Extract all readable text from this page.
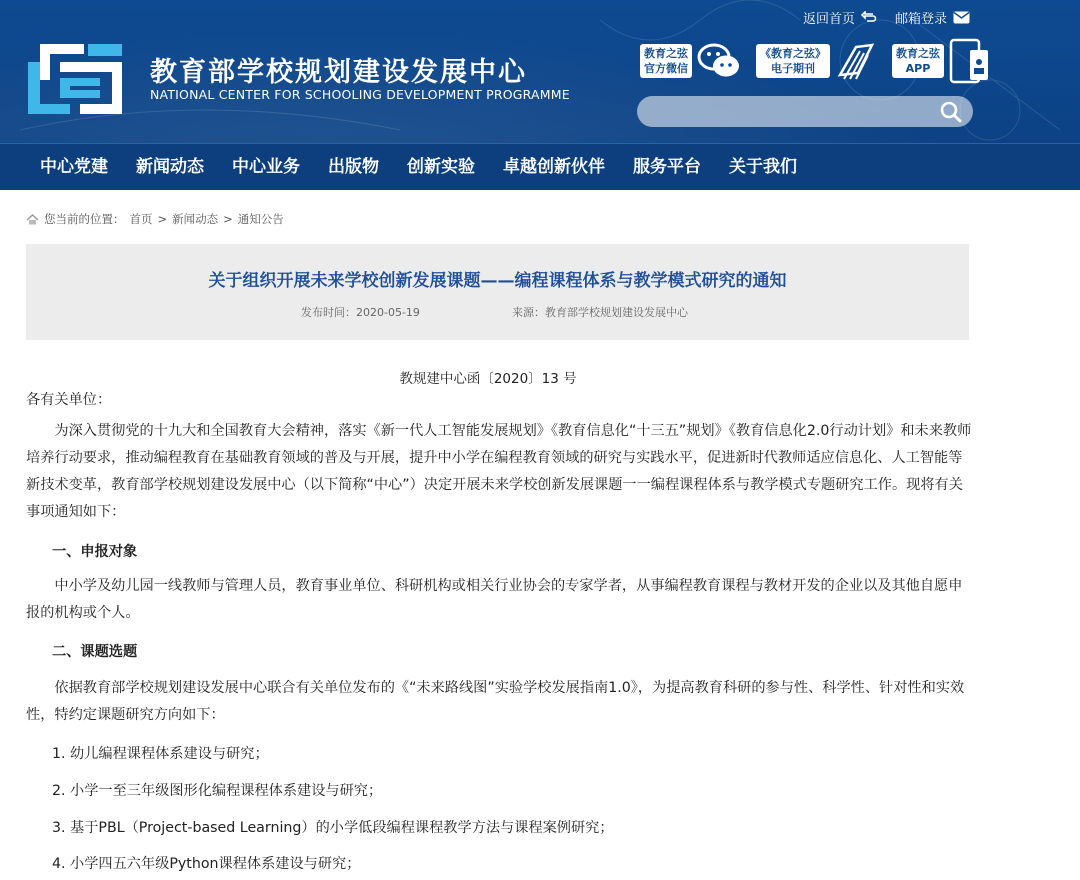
返回首页	邮箱登录
教育部学校规划建设发展中心
NATIONAL CENTER FOR SCHOOLING DEVELOPMENT PROGRAMME
教育之弦
官方微信
《教育之弦》
电子期刊
教育之弦
APP
中心党建	新闻动态	中心业务	出版物	创新实验	卓越创新伙伴	服务平台	关于我们
您当前的位置： 首页 > 新闻动态 > 通知公告
关于组织开展未来学校创新发展课题——编程课程体系与教学模式研究的通知
发布时间：2020-05-19	来源：教育部学校规划建设发展中心
教规建中心函〔2020〕13 号
各有关单位：
为深入贯彻党的十九大和全国教育大会精神，落实《新一代人工智能发展规划》《教育信息化“十三五”规划》《教育信息化2.0行动计划》和未来教师培养行动要求，推动编程教育在基础教育领域的普及与开展，提升中小学在编程教育领域的研究与实践水平，促进新时代教师适应信息化、人工智能等新技术变革，教育部学校规划建设发展中心（以下简称“中心”）决定开展未来学校创新发展课题一一编程课程体系与教学模式专题研究工作。现将有关事项通知如下：
一、申报对象
中小学及幼儿园一线教师与管理人员，教育事业单位、科研机构或相关行业协会的专家学者，从事编程教育课程与教材开发的企业以及其他自愿申报的机构或个人。
二、课题选题
依据教育部学校规划建设发展中心联合有关单位发布的《“未来路线图”实验学校发展指南1.0》，为提高教育科研的参与性、科学性、针对性和实效性，特约定课题研究方向如下：
1. 幼儿编程课程体系建设与研究；
2. 小学一至三年级图形化编程课程体系建设与研究；
3. 基于PBL（Project-based Learning）的小学低段编程课程教学方法与课程案例研究；
4. 小学四五六年级Python课程体系建设与研究；
